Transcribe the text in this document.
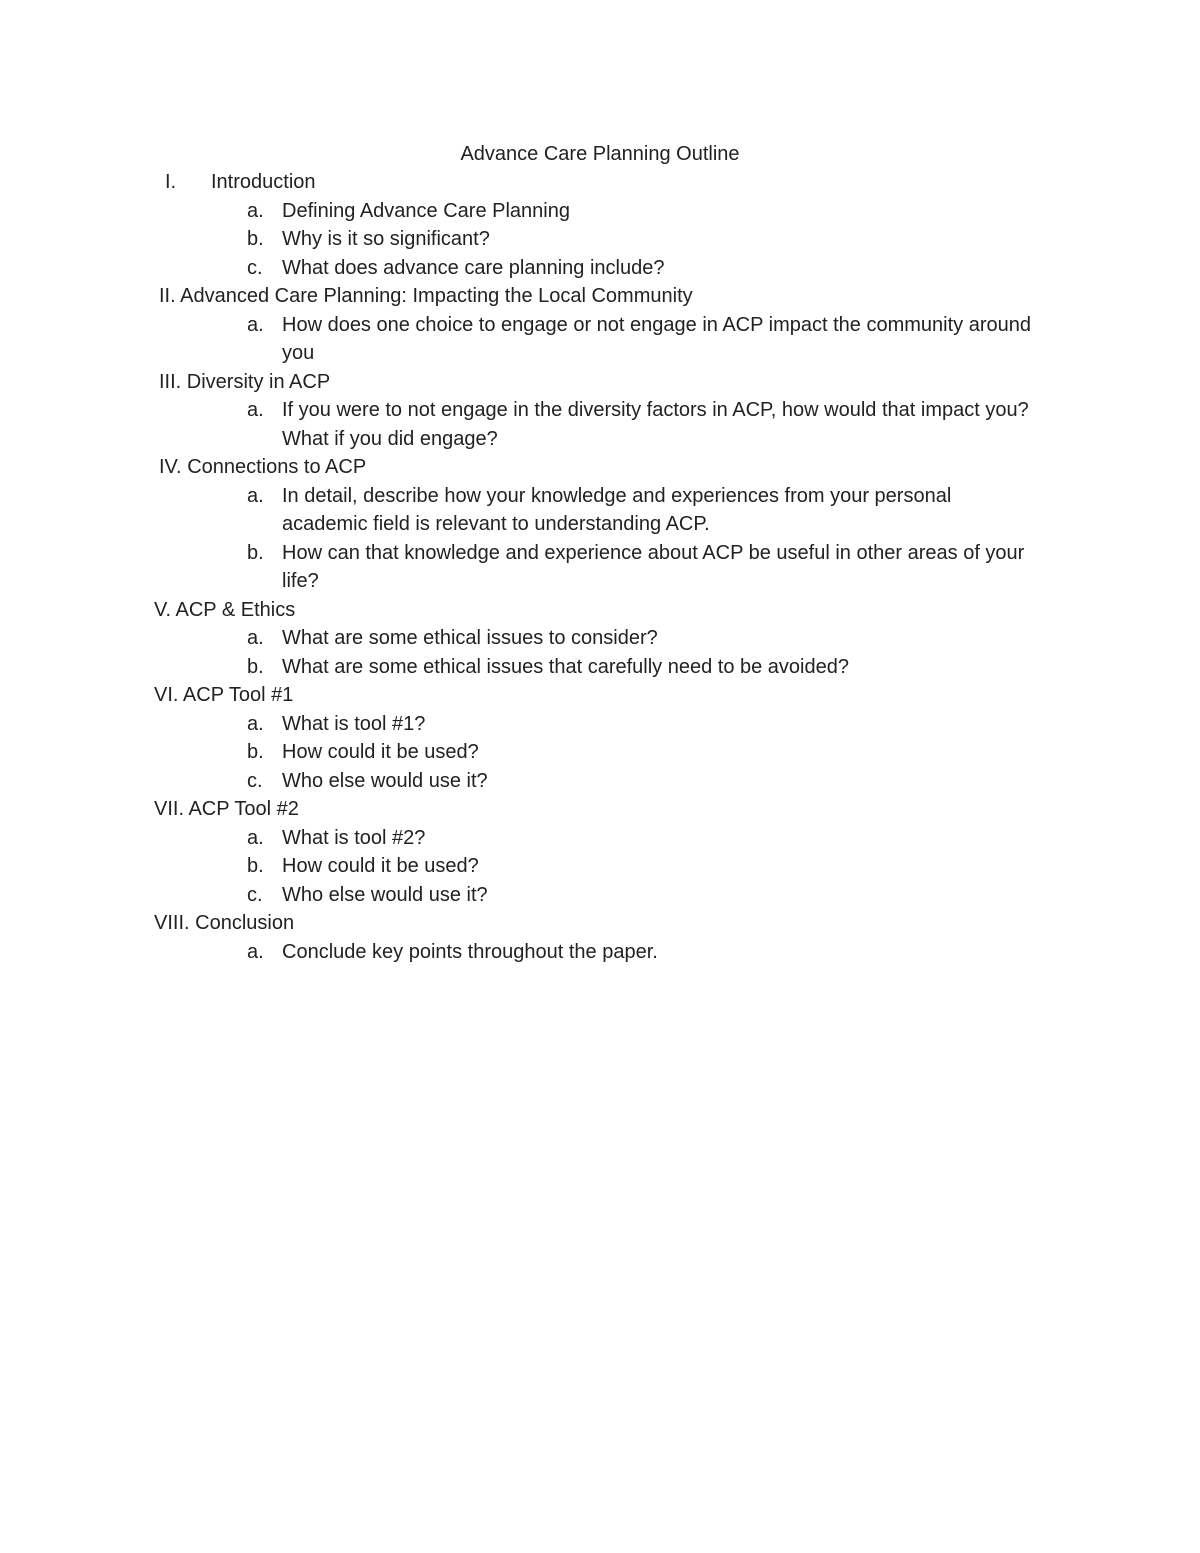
Advance Care Planning Outline
I. Introduction
a. Defining Advance Care Planning
b. Why is it so significant?
c. What does advance care planning include?
II. Advanced Care Planning: Impacting the Local Community
a. How does one choice to engage or not engage in ACP impact the community around you
III. Diversity in ACP
a. If you were to not engage in the diversity factors in ACP, how would that impact you? What if you did engage?
IV. Connections to ACP
a. In detail, describe how your knowledge and experiences from your personal academic field is relevant to understanding ACP.
b. How can that knowledge and experience about ACP be useful in other areas of your life?
V. ACP & Ethics
a. What are some ethical issues to consider?
b. What are some ethical issues that carefully need to be avoided?
VI. ACP Tool #1
a. What is tool #1?
b. How could it be used?
c. Who else would use it?
VII. ACP Tool #2
a. What is tool #2?
b. How could it be used?
c. Who else would use it?
VIII. Conclusion
a. Conclude key points throughout the paper.
